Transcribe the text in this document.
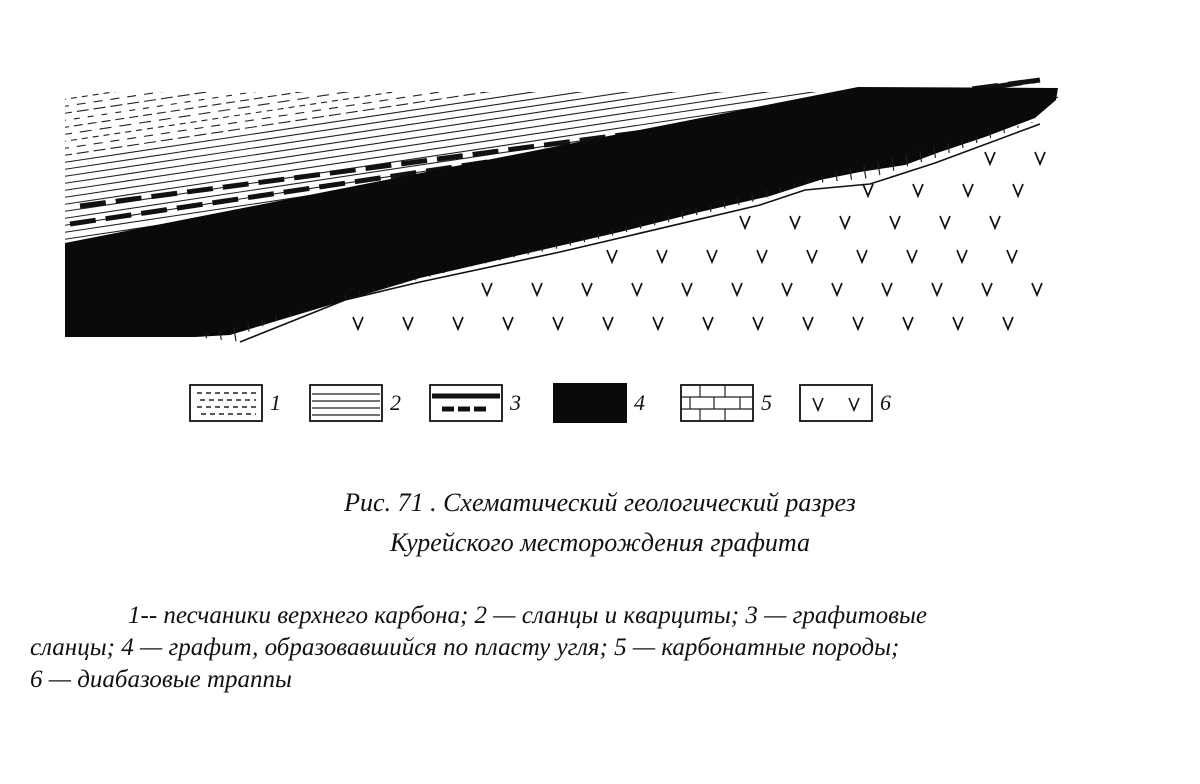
1	2	3	4	5	6
Рис. 71 . Схематический геологический разрез
Курейского месторождения графита
1-- песчаники верхнего карбона; 2 — сланцы и кварциты; 3 — графитовые
сланцы; 4 — графит, образовавшийся по пласту угля; 5 — карбонатные породы;
6 — диабазовые траппы
